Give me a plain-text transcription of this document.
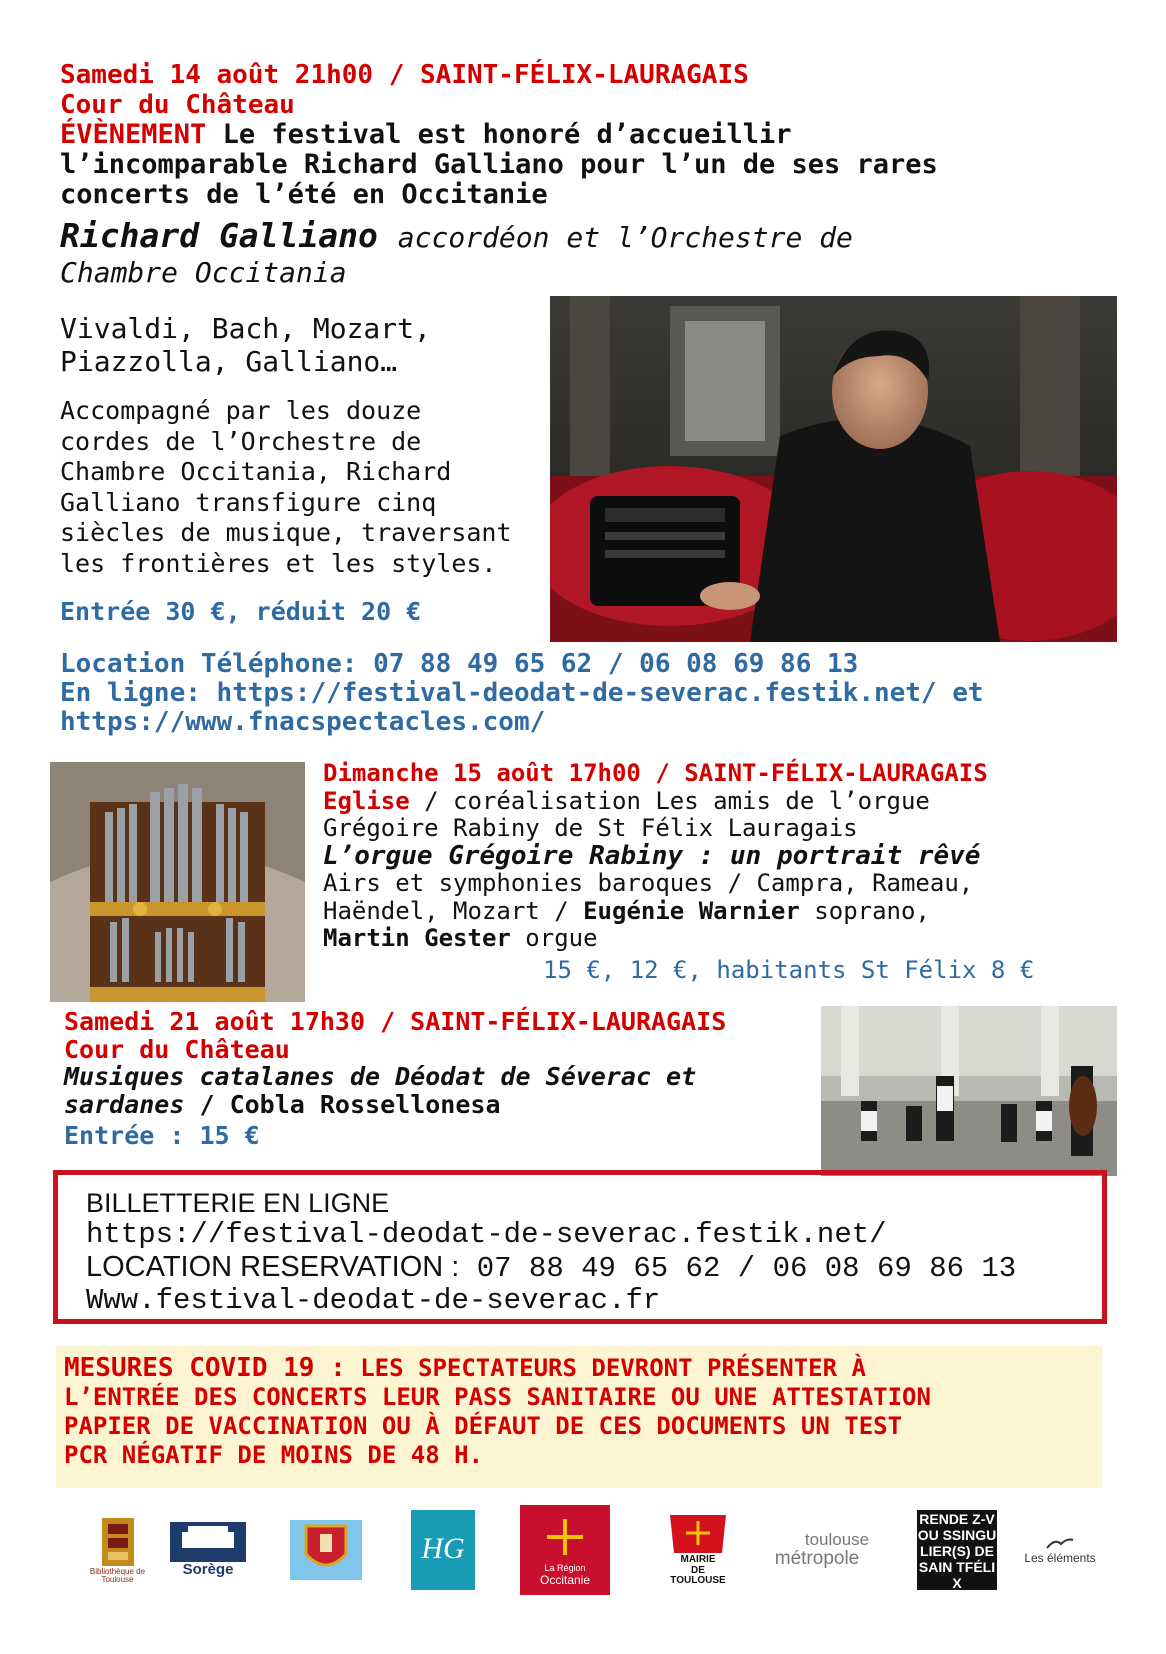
Samedi 14 août 21h00 / SAINT-FÉLIX-LAURAGAIS
Cour du Château
ÉVÈNEMENT Le festival est honoré d’accueillir
l’incomparable Richard Galliano pour l’un de ses rares
concerts de l’été en Occitanie
Richard Galliano accordéon et l’Orchestre de
Chambre Occitania
Vivaldi, Bach, Mozart,
Piazzolla, Galliano…
Accompagné par les douze
cordes de l’Orchestre de
Chambre Occitania, Richard
Galliano transfigure cinq
siècles de musique, traversant
les frontières et les styles.
Entrée 30 €, réduit 20 €
Location Téléphone: 07 88 49 65 62 / 06 08 69 86 13
En ligne: https://festival-deodat-de-severac.festik.net/ et
https://www.fnacspectacles.com/
Dimanche 15 août 17h00 / SAINT-FÉLIX-LAURAGAIS
Eglise / coréalisation Les amis de l’orgue
Grégoire Rabiny de St Félix Lauragais
L’orgue Grégoire Rabiny : un portrait rêvé
Airs et symphonies baroques / Campra, Rameau,
Haëndel, Mozart / Eugénie Warnier soprano,
Martin Gester orgue
15 €, 12 €, habitants St Félix 8 €
Samedi 21 août 17h30 / SAINT-FÉLIX-LAURAGAIS
Cour du Château
Musiques catalanes de Déodat de Séverac et
sardanes / Cobla Rossellonesa
Entrée : 15 €
BILLETTERIE EN LIGNE
https://festival-deodat-de-severac.festik.net/
LOCATION RESERVATION : 07 88 49 65 62 / 06 08 69 86 13
Www.festival-deodat-de-severac.fr
MESURES COVID 19 : LES SPECTATEURS DEVRONT PRÉSENTER À
L’ENTRÉE DES CONCERTS LEUR PASS SANITAIRE OU UNE ATTESTATION
PAPIER DE VACCINATION OU À DÉFAUT DE CES DOCUMENTS UN TEST
PCR NÉGATIF DE MOINS DE 48 H.
Bibliothèque de Toulouse
Sorège
HG
La Région
Occitanie
MAIRIE
DE
TOULOUSE
toulouse
métropole
RENDE Z-VOU SSINGU LIER(S) DE SAIN TFÉLIX
Les éléments
